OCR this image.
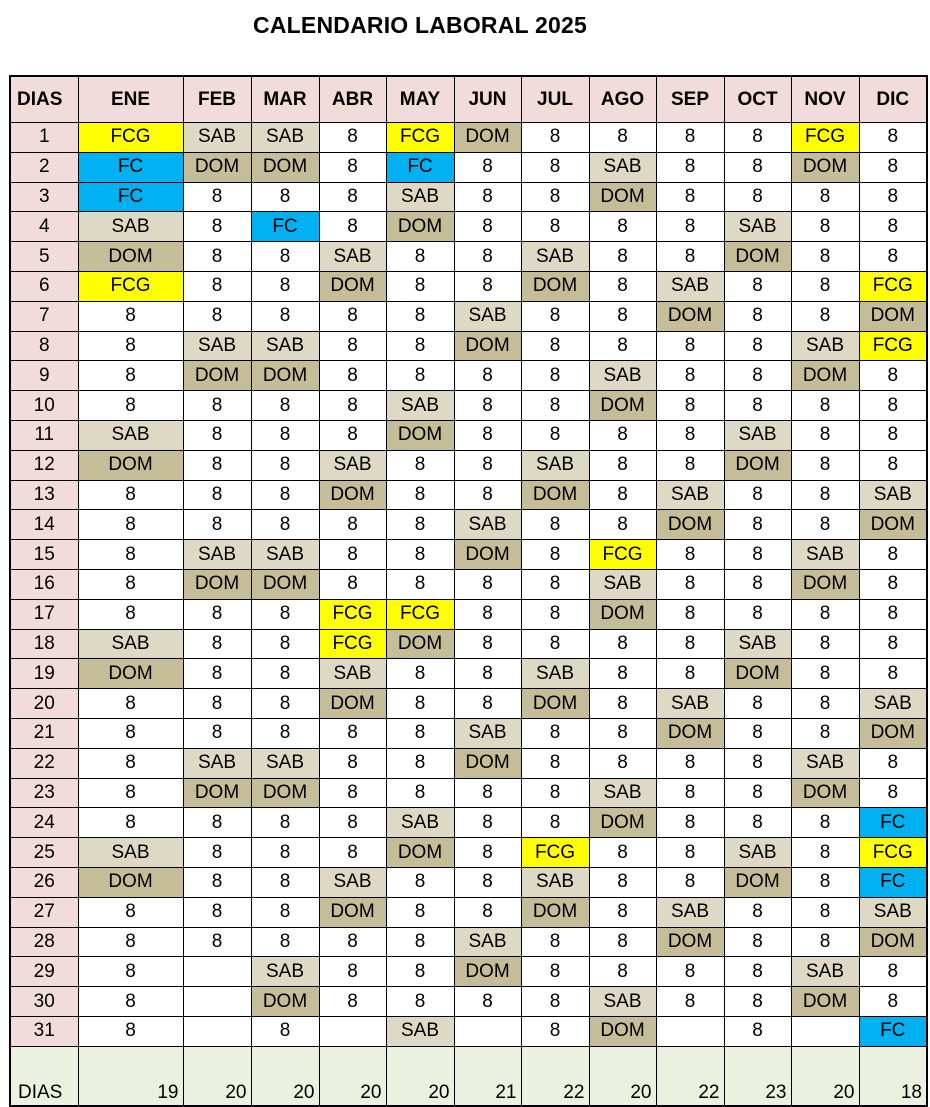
CALENDARIO LABORAL 2025
DIAS	ENE	FEB	MAR	ABR	MAY	JUN	JUL	AGO	SEP	OCT	NOV	DIC
1	FCG	SAB	SAB	8	FCG	DOM	8	8	8	8	FCG	8
2	FC	DOM	DOM	8	FC	8	8	SAB	8	8	DOM	8
3	FC	8	8	8	SAB	8	8	DOM	8	8	8	8
4	SAB	8	FC	8	DOM	8	8	8	8	SAB	8	8
5	DOM	8	8	SAB	8	8	SAB	8	8	DOM	8	8
6	FCG	8	8	DOM	8	8	DOM	8	SAB	8	8	FCG
7	8	8	8	8	8	SAB	8	8	DOM	8	8	DOM
8	8	SAB	SAB	8	8	DOM	8	8	8	8	SAB	FCG
9	8	DOM	DOM	8	8	8	8	SAB	8	8	DOM	8
10	8	8	8	8	SAB	8	8	DOM	8	8	8	8
11	SAB	8	8	8	DOM	8	8	8	8	SAB	8	8
12	DOM	8	8	SAB	8	8	SAB	8	8	DOM	8	8
13	8	8	8	DOM	8	8	DOM	8	SAB	8	8	SAB
14	8	8	8	8	8	SAB	8	8	DOM	8	8	DOM
15	8	SAB	SAB	8	8	DOM	8	FCG	8	8	SAB	8
16	8	DOM	DOM	8	8	8	8	SAB	8	8	DOM	8
17	8	8	8	FCG	FCG	8	8	DOM	8	8	8	8
18	SAB	8	8	FCG	DOM	8	8	8	8	SAB	8	8
19	DOM	8	8	SAB	8	8	SAB	8	8	DOM	8	8
20	8	8	8	DOM	8	8	DOM	8	SAB	8	8	SAB
21	8	8	8	8	8	SAB	8	8	DOM	8	8	DOM
22	8	SAB	SAB	8	8	DOM	8	8	8	8	SAB	8
23	8	DOM	DOM	8	8	8	8	SAB	8	8	DOM	8
24	8	8	8	8	SAB	8	8	DOM	8	8	8	FC
25	SAB	8	8	8	DOM	8	FCG	8	8	SAB	8	FCG
26	DOM	8	8	SAB	8	8	SAB	8	8	DOM	8	FC
27	8	8	8	DOM	8	8	DOM	8	SAB	8	8	SAB
28	8	8	8	8	8	SAB	8	8	DOM	8	8	DOM
29	8		SAB	8	8	DOM	8	8	8	8	SAB	8
30	8		DOM	8	8	8	8	SAB	8	8	DOM	8
31	8		8		SAB		8	DOM		8		FC
DIAS	19	20	20	20	20	21	22	20	22	23	20	18
